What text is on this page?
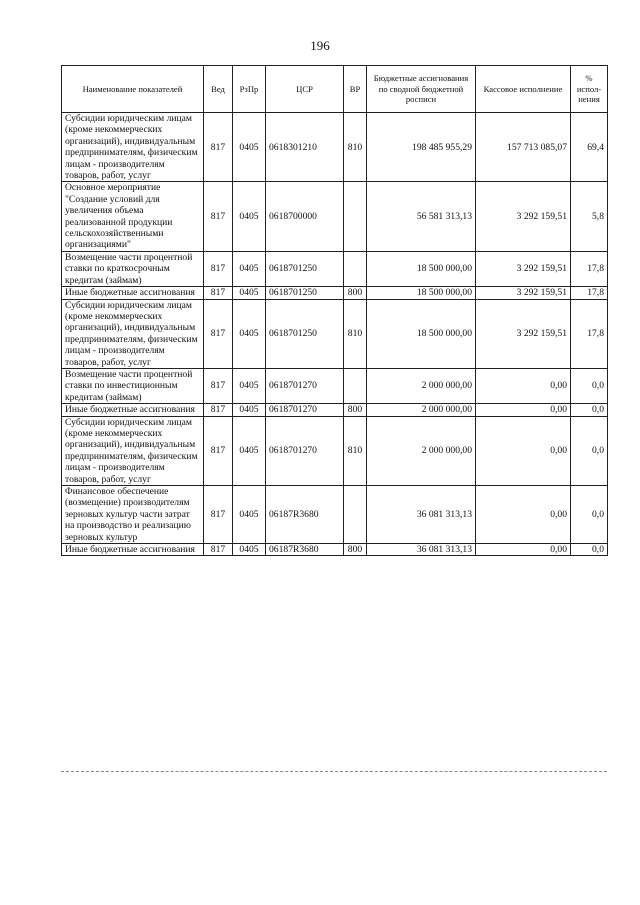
196
Наименование показателей	Вед	РзПр	ЦСР	ВР	Бюджетные ассигнования по сводной бюджетной росписи	Кассовое исполнение	% испол-нения
Субсидии юридическим лицам (кроме некоммерческих организаций), индивидуальным предпринимателям, физическим лицам - производителям товаров, работ, услуг	817	0405	0618301210	810	198 485 955,29	157 713 085,07	69,4
Основное мероприятие "Создание условий для увеличения объема реализованной продукции сельскохозяйственными организациями"	817	0405	0618700000		56 581 313,13	3 292 159,51	5,8
Возмещение части процентной ставки по краткосрочным кредитам (займам)	817	0405	0618701250		18 500 000,00	3 292 159,51	17,8
Иные бюджетные ассигнования	817	0405	0618701250	800	18 500 000,00	3 292 159,51	17,8
Субсидии юридическим лицам (кроме некоммерческих организаций), индивидуальным предпринимателям, физическим лицам - производителям товаров, работ, услуг	817	0405	0618701250	810	18 500 000,00	3 292 159,51	17,8
Возмещение части процентной ставки по инвестиционным кредитам (займам)	817	0405	0618701270		2 000 000,00	0,00	0,0
Иные бюджетные ассигнования	817	0405	0618701270	800	2 000 000,00	0,00	0,0
Субсидии юридическим лицам (кроме некоммерческих организаций), индивидуальным предпринимателям, физическим лицам - производителям товаров, работ, услуг	817	0405	0618701270	810	2 000 000,00	0,00	0,0
Финансовое обеспечение (возмещение) производителям зерновых культур части затрат на производство и реализацию зерновых культур	817	0405	06187R3680		36 081 313,13	0,00	0,0
Иные бюджетные ассигнования	817	0405	06187R3680	800	36 081 313,13	0,00	0,0
